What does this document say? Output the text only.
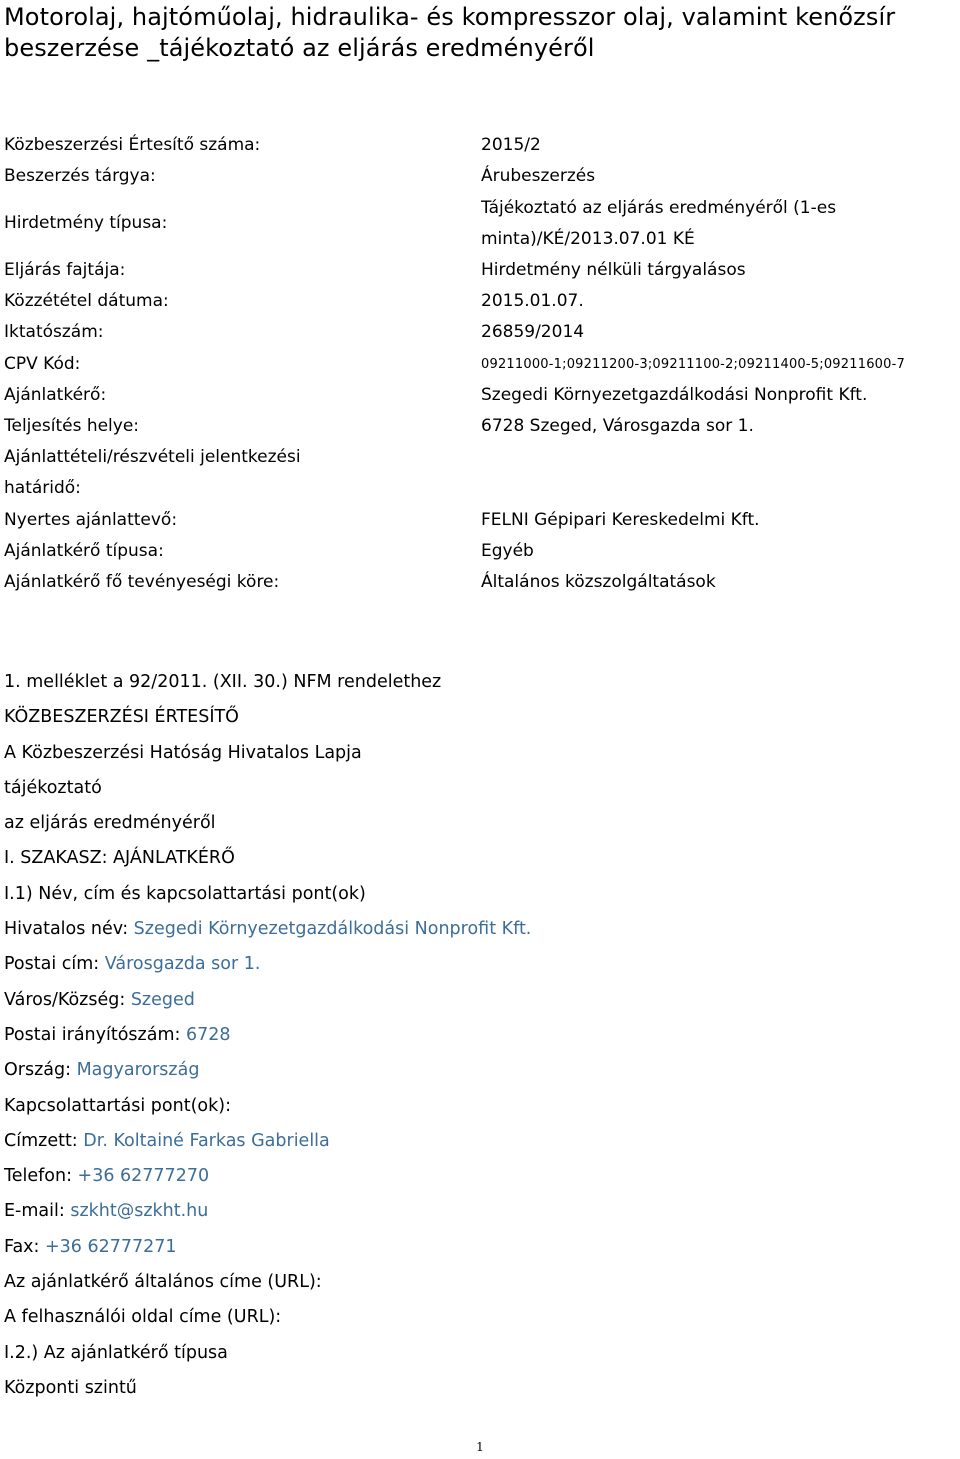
Motorolaj, hajtóműolaj, hidraulika- és kompresszor olaj, valamint kenőzsír beszerzése _tájékoztató az eljárás eredményéről
Közbeszerzési Értesítő száma:	2015/2
Beszerzés tárgya:	Árubeszerzés
Hirdetmény típusa:
Tájékoztató az eljárás eredményéről (1-es minta)/KÉ/2013.07.01 KÉ
Eljárás fajtája:	Hirdetmény nélküli tárgyalásos
Közzététel dátuma:	2015.01.07.
Iktatószám:	26859/2014
CPV Kód:	09211000-1;09211200-3;09211100-2;09211400-5;09211600-7
Ajánlatkérő:	Szegedi Környezetgazdálkodási Nonprofit Kft.
Teljesítés helye:	6728 Szeged, Városgazda sor 1.
Ajánlattételi/részvételi jelentkezési határidő:
Nyertes ajánlattevő:	FELNI Gépipari Kereskedelmi Kft.
Ajánlatkérő típusa:	Egyéb
Ajánlatkérő fő tevényeségi köre:	Általános közszolgáltatások
1. melléklet a 92/2011. (XII. 30.) NFM rendelethez
KÖZBESZERZÉSI ÉRTESÍTŐ
A Közbeszerzési Hatóság Hivatalos Lapja
tájékoztató
az eljárás eredményéről
I. SZAKASZ: AJÁNLATKÉRŐ
I.1) Név, cím és kapcsolattartási pont(ok)
Hivatalos név: Szegedi Környezetgazdálkodási Nonprofit Kft.
Postai cím: Városgazda sor 1.
Város/Község: Szeged
Postai irányítószám: 6728
Ország: Magyarország
Kapcsolattartási pont(ok):
Címzett: Dr. Koltainé Farkas Gabriella
Telefon: +36 62777270
E-mail: szkht@szkht.hu
Fax: +36 62777271
Az ajánlatkérő általános címe (URL):
A felhasználói oldal címe (URL):
I.2.) Az ajánlatkérő típusa
Központi szintű
1
